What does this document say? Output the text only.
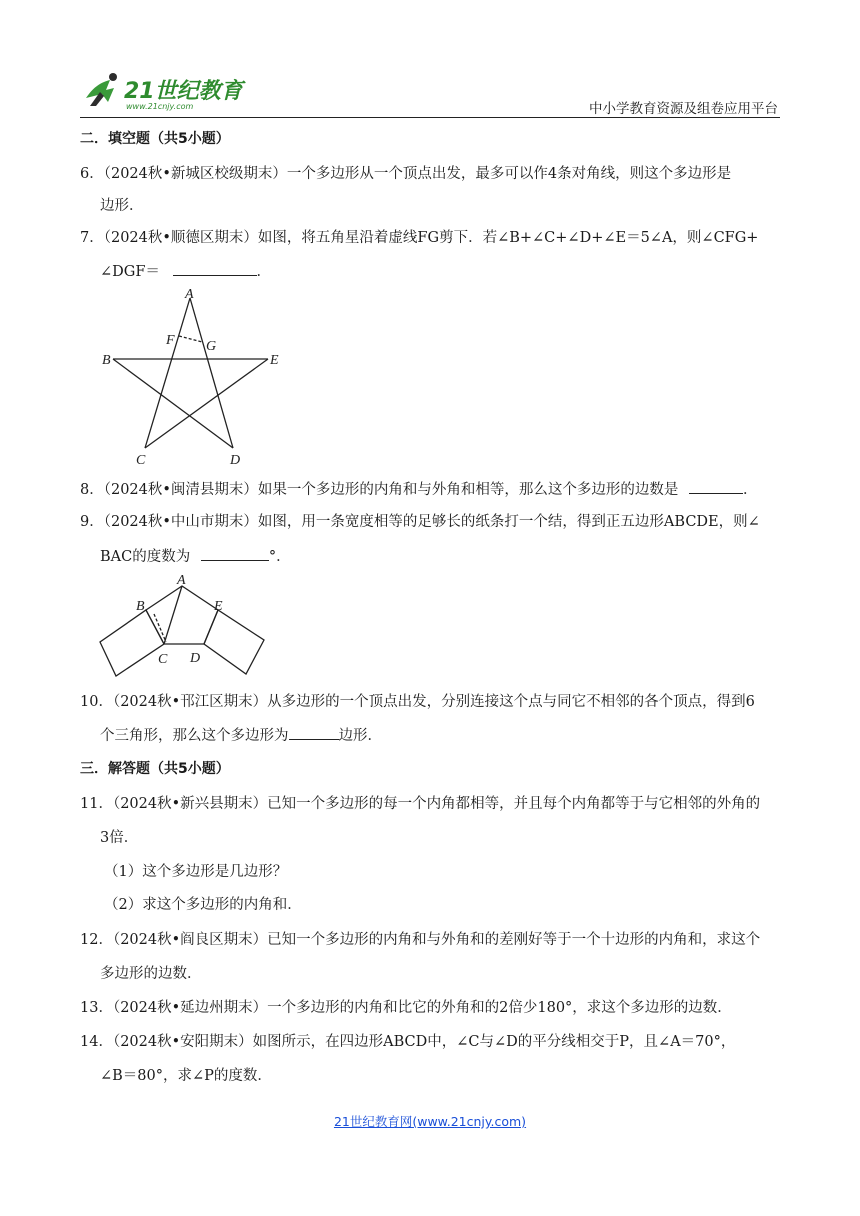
21世纪教育
www.21cnjy.com	中小学教育资源及组卷应用平台
二．填空题（共5小题）
6．（2024秋•新城区校级期末）一个多边形从一个顶点出发，最多可以作4条对角线，则这个多边形是
边形．
7．（2024秋•顺德区期末）如图，将五角星沿着虚线FG剪下．若∠B+∠C+∠D+∠E＝5∠A，则∠CFG+
∠DGF＝	．
A
B
C	D
E
F G
8．（2024秋•闽清县期末）如果一个多边形的内角和与外角和相等，那么这个多边形的边数是	．
9．（2024秋•中山市期末）如图，用一条宽度相等的足够长的纸条打一个结，得到正五边形ABCDE，则∠
BAC的度数为	°．
A
B
C D
E
10．（2024秋•邗江区期末）从多边形的一个顶点出发，分别连接这个点与同它不相邻的各个顶点，得到6
个三角形，那么这个多边形为	边形．
三．解答题（共5小题）
11．（2024秋•新兴县期末）已知一个多边形的每一个内角都相等，并且每个内角都等于与它相邻的外角的
3倍．
（1）这个多边形是几边形？
（2）求这个多边形的内角和．
12．（2024秋•阎良区期末）已知一个多边形的内角和与外角和的差刚好等于一个十边形的内角和，求这个
多边形的边数．
13．（2024秋•延边州期末）一个多边形的内角和比它的外角和的2倍少180°，求这个多边形的边数．
14．（2024秋•安阳期末）如图所示，在四边形ABCD中，∠C与∠D的平分线相交于P，且∠A＝70°，
∠B＝80°，求∠P的度数．
21世纪教育网(www.21cnjy.com)
